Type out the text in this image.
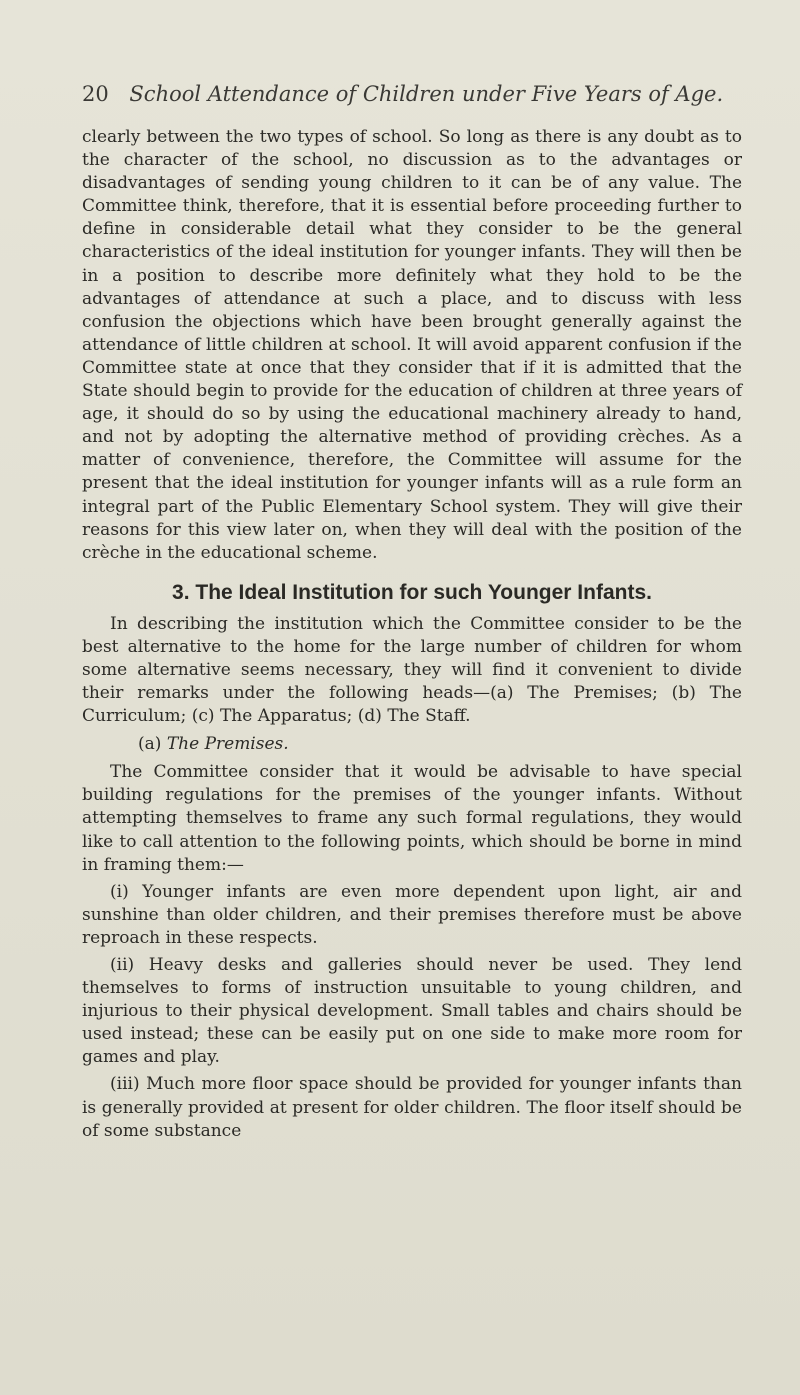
20 School Attendance of Children under Five Years of Age.

clearly between the two types of school. So long as there is any doubt as to the character of the school, no discussion as to the advantages or disadvantages of sending young children to it can be of any value. The Committee think, therefore, that it is essential before proceeding further to define in considerable detail what they consider to be the general characteristics of the ideal institution for younger infants. They will then be in a position to describe more definitely what they hold to be the advantages of attendance at such a place, and to discuss with less confusion the objections which have been brought generally against the attendance of little children at school. It will avoid apparent confusion if the Committee state at once that they consider that if it is admitted that the State should begin to provide for the education of children at three years of age, it should do so by using the educational machinery already to hand, and not by adopting the alternative method of providing crèches. As a matter of convenience, therefore, the Committee will assume for the present that the ideal institution for younger infants will as a rule form an integral part of the Public Elementary School system. They will give their reasons for this view later on, when they will deal with the position of the crèche in the educational scheme.

3. The Ideal Institution for such Younger Infants.

In describing the institution which the Committee consider to be the best alternative to the home for the large number of children for whom some alternative seems necessary, they will find it convenient to divide their remarks under the following heads—(a) The Premises; (b) The Curriculum; (c) The Apparatus; (d) The Staff.

(a) The Premises.

The Committee consider that it would be advisable to have special building regulations for the premises of the younger infants. Without attempting themselves to frame any such formal regulations, they would like to call attention to the following points, which should be borne in mind in framing them:—

(i) Younger infants are even more dependent upon light, air and sunshine than older children, and their premises therefore must be above reproach in these respects.

(ii) Heavy desks and galleries should never be used. They lend themselves to forms of instruction unsuitable to young children, and injurious to their physical development. Small tables and chairs should be used instead; these can be easily put on one side to make more room for games and play.

(iii) Much more floor space should be provided for younger infants than is generally provided at present for older children. The floor itself should be of some substance
